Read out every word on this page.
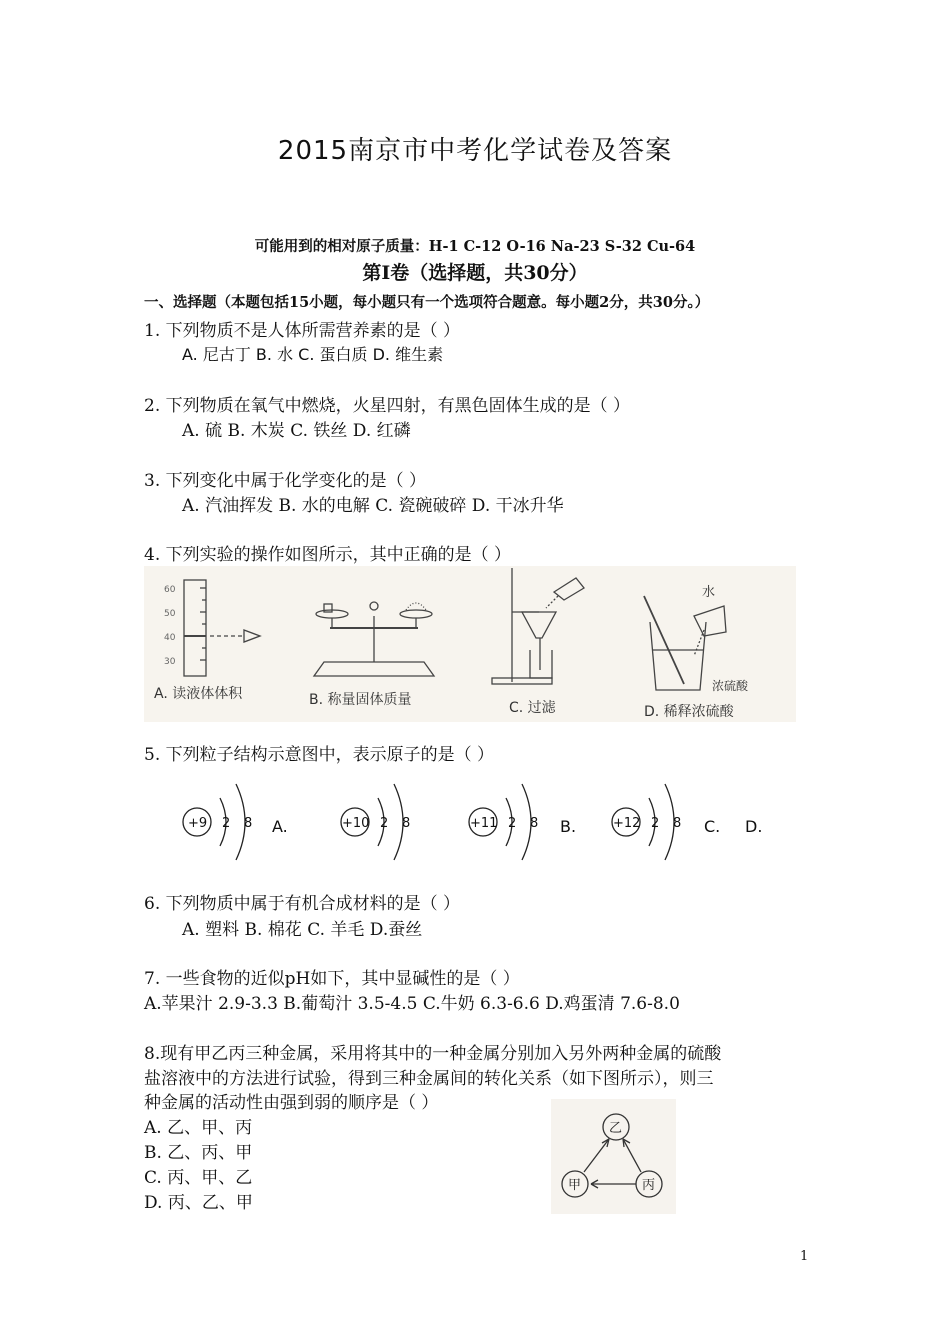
2015南京市中考化学试卷及答案
可能用到的相对原子质量：H-1 C-12 O-16 Na-23 S-32 Cu-64
第Ⅰ卷（选择题，共30分）
一、选择题（本题包括15小题，每小题只有一个选项符合题意。每小题2分，共30分。）
1. 下列物质不是人体所需营养素的是（ ）
A. 尼古丁 B. 水 C. 蛋白质 D. 维生素
2. 下列物质在氧气中燃烧，火星四射，有黑色固体生成的是（ ）
A. 硫 B. 木炭 C. 铁丝 D. 红磷
3. 下列变化中属于化学变化的是（ ）
A. 汽油挥发 B. 水的电解 C. 瓷碗破碎 D. 干冰升华
4. 下列实验的操作如图所示，其中正确的是（ ）
60
50
40
30
A. 读液体体积	B. 称量固体质量	C. 过滤
水
浓硫酸
D. 稀释浓硫酸
5. 下列粒子结构示意图中，表示原子的是（ ）
+9 2 8	+10 2 8	+11 2 8	+12 2 8
A.	B.	C. D.
6. 下列物质中属于有机合成材料的是（ ）
A. 塑料 B. 棉花 C. 羊毛 D.蚕丝
7. 一些食物的近似pH如下，其中显碱性的是（ ）
A.苹果汁 2.9-3.3 B.葡萄汁 3.5-4.5 C.牛奶 6.3-6.6 D.鸡蛋清 7.6-8.0
8.现有甲乙丙三种金属，采用将其中的一种金属分别加入另外两种金属的硫酸
盐溶液中的方法进行试验，得到三种金属间的转化关系（如下图所示），则三
种金属的活动性由强到弱的顺序是（ ）
A. 乙、甲、丙
B. 乙、丙、甲
C. 丙、甲、乙
D. 丙、乙、甲
乙
甲	丙
1
